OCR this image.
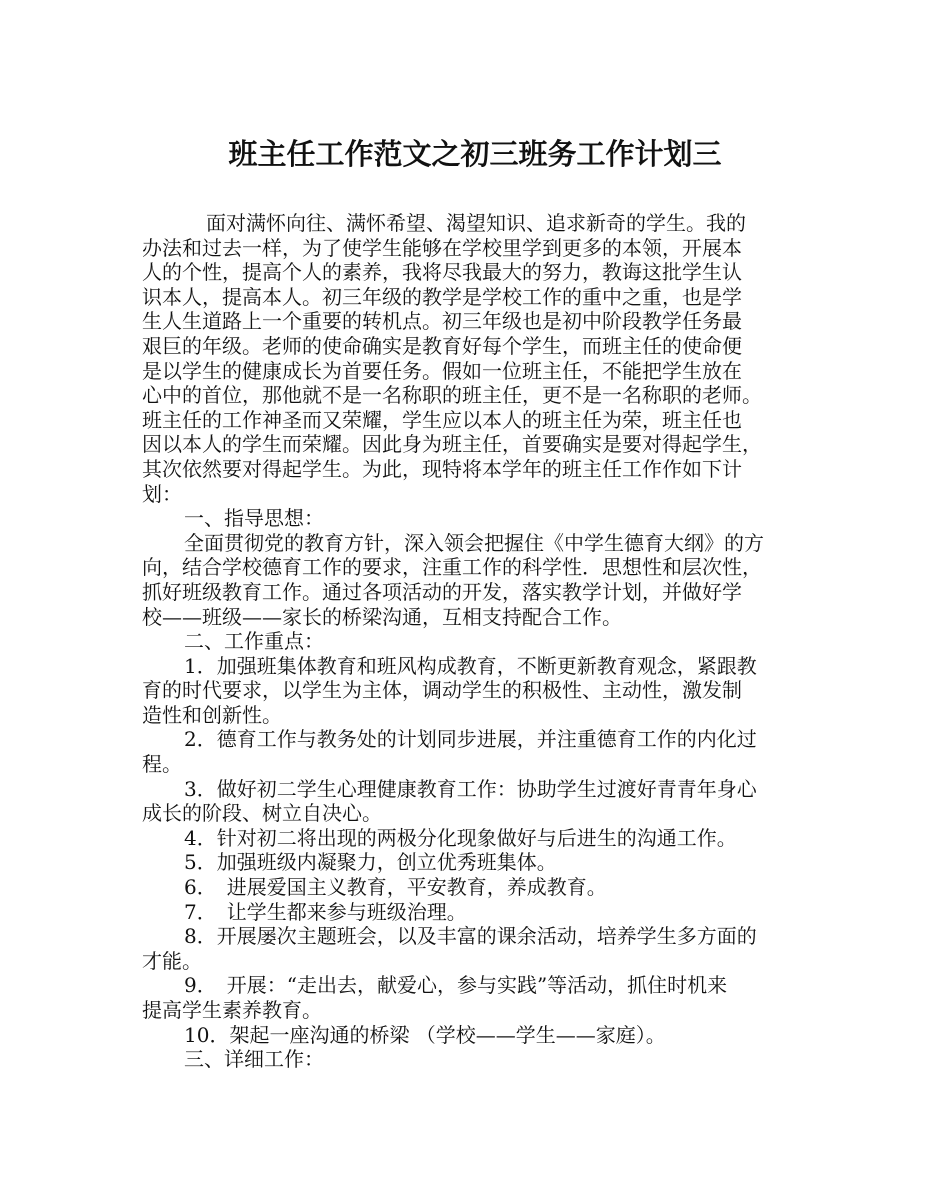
班主任工作范文之初三班务工作计划三
面对满怀向往、满怀希望、渴望知识、追求新奇的学生。我的
办法和过去一样，为了使学生能够在学校里学到更多的本领，开展本
人的个性，提高个人的素养，我将尽我最大的努力，教诲这批学生认
识本人，提高本人。初三年级的教学是学校工作的重中之重，也是学
生人生道路上一个重要的转机点。初三年级也是初中阶段教学任务最
艰巨的年级。老师的使命确实是教育好每个学生，而班主任的使命便
是以学生的健康成长为首要任务。假如一位班主任，不能把学生放在
心中的首位，那他就不是一名称职的班主任，更不是一名称职的老师。
班主任的工作神圣而又荣耀，学生应以本人的班主任为荣，班主任也
因以本人的学生而荣耀。因此身为班主任，首要确实是要对得起学生，
其次依然要对得起学生。为此，现特将本学年的班主任工作作如下计
划：
一、指导思想：
全面贯彻党的教育方针，深入领会把握住《中学生德育大纲》的方
向，结合学校德育工作的要求，注重工作的科学性．思想性和层次性，
抓好班级教育工作。通过各项活动的开发，落实教学计划，并做好学
校——班级——家长的桥梁沟通，互相支持配合工作。
二、工作重点：
1．加强班集体教育和班风构成教育，不断更新教育观念，紧跟教
育的时代要求，以学生为主体，调动学生的积极性、主动性，激发制
造性和创新性。
2．德育工作与教务处的计划同步进展，并注重德育工作的内化过
程。
3．做好初二学生心理健康教育工作：协助学生过渡好青青年身心
成长的阶段、树立自决心。
4．针对初二将出现的两极分化现象做好与后进生的沟通工作。
5．加强班级内凝聚力，创立优秀班集体。
6．　进展爱国主义教育，平安教育，养成教育。
7．　让学生都来参与班级治理。
8．开展屡次主题班会，以及丰富的课余活动，培养学生多方面的
才能。
9．　开展：“走出去，献爱心，参与实践”等活动，抓住时机来
提高学生素养教育。
10．架起一座沟通的桥梁 （学校——学生——家庭）。
三、详细工作：
